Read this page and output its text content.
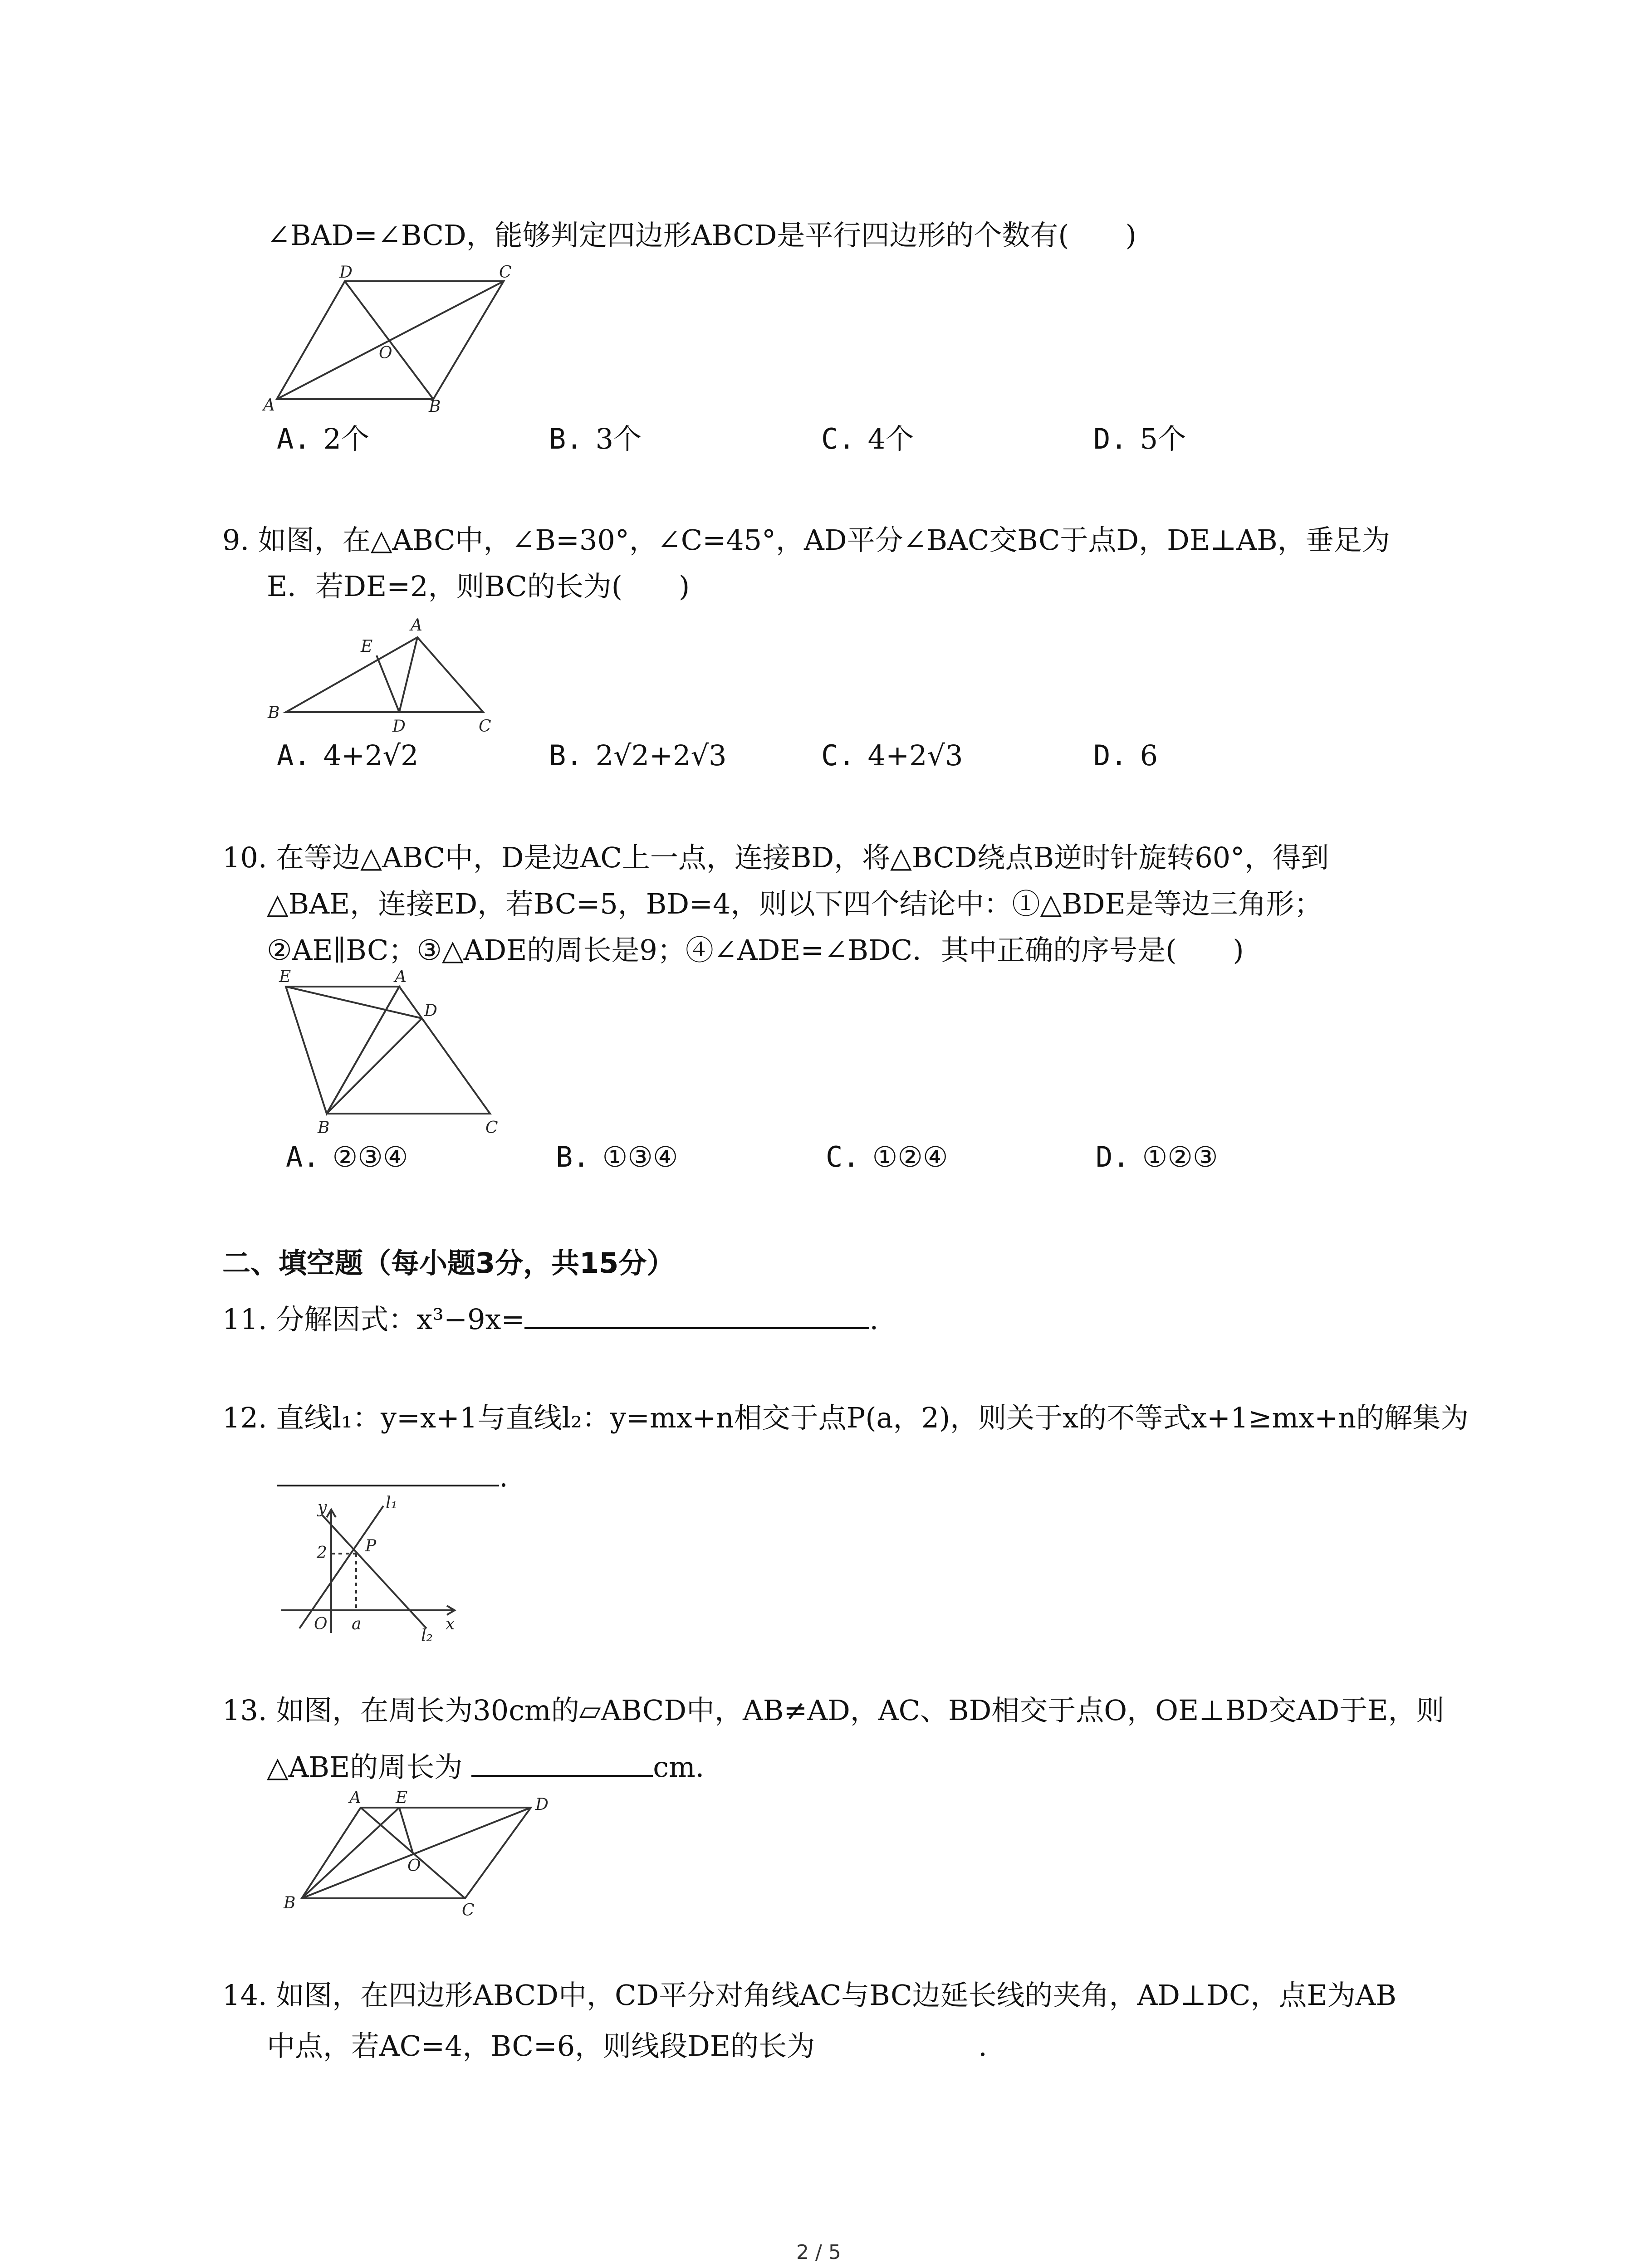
∠BAD=∠BCD，能够判定四边形ABCD是平行四边形的个数有(　　)
D	C
O
A	B
A. 2个	B. 3个	C. 4个	D. 5个
9. 如图，在△ABC中，∠B=30°，∠C=45°，AD平分∠BAC交BC于点D，DE⊥AB，垂足为
E．若DE=2，则BC的长为(　　)
A
E
B
D	C
A. 4+2√2	B. 2√2+2√3	C. 4+2√3	D. 6
10. 在等边△ABC中，D是边AC上一点，连接BD，将△BCD绕点B逆时针旋转60°，得到
△BAE，连接ED，若BC=5，BD=4，则以下四个结论中：①△BDE是等边三角形；
②AE∥BC；③△ADE的周长是9；④∠ADE=∠BDC．其中正确的序号是(　　)
E	A
D
B	C
A. ②③④	B. ①③④	C. ①②④	D. ①②③
二、填空题（每小题3分，共15分）
11. 分解因式：x³−9x=	.
12. 直线l₁：y=x+1与直线l₂：y=mx+n相交于点P(a，2)，则关于x的不等式x+1≥mx+n的解集为
.
y	l₁
2 P
O a
l₂
x
13. 如图，在周长为30cm的▱ABCD中，AB≠AD，AC、BD相交于点O，OE⊥BD交AD于E，则
△ABE的周长为	cm．
A E	D
O
B	C
14. 如图，在四边形ABCD中，CD平分对角线AC与BC边延长线的夹角，AD⊥DC，点E为AB
中点，若AC=4，BC=6，则线段DE的长为	.
2 / 5
